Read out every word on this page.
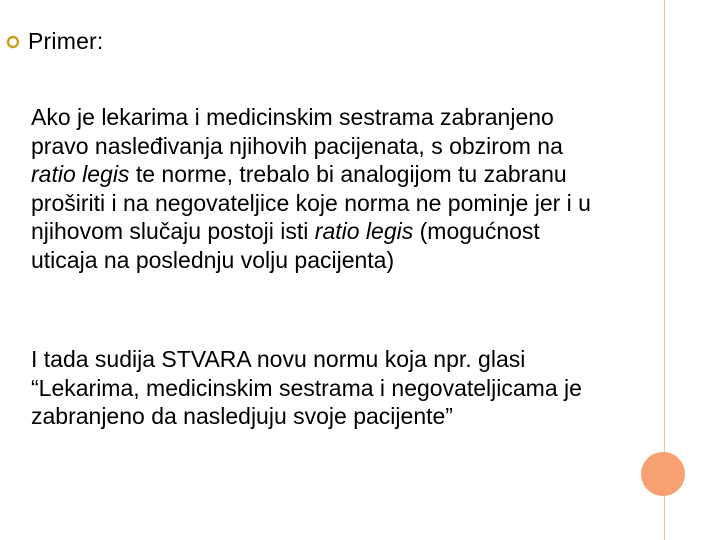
Primer:

Ako je lekarima i medicinskim sestrama zabranjeno
pravo nasleđivanja njihovih pacijenata, s obzirom na
ratio legis te norme, trebalo bi analogijom tu zabranu
proširiti i na negovateljice koje norma ne pominje jer i u
njihovom slučaju postoji isti ratio legis (mogućnost
uticaja na poslednju volju pacijenta)

I tada sudija STVARA novu normu koja npr. glasi
“Lekarima, medicinskim sestrama i negovateljicama je
zabranjeno da nasledjuju svoje pacijente”
